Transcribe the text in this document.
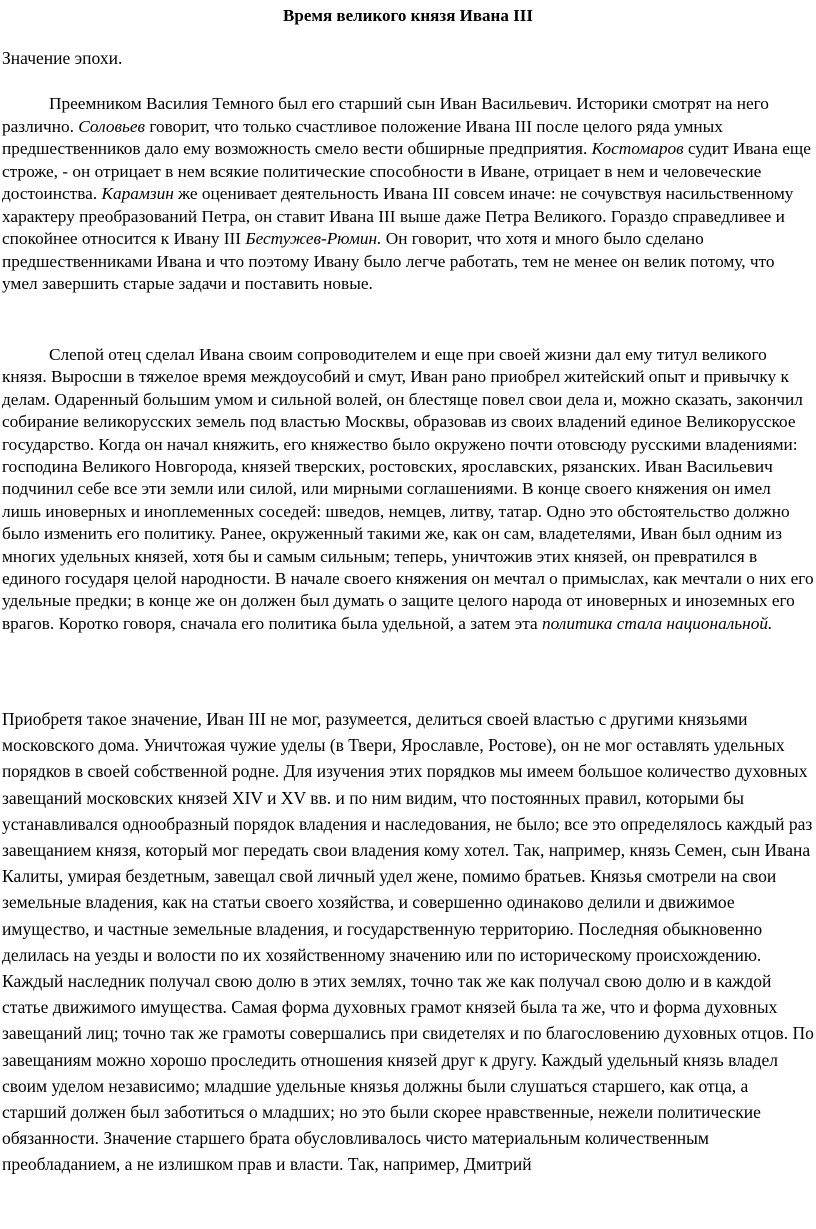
Время великого князя Ивана III
Значение эпохи.

Преемником Василия Темного был его старший сын Иван Васильевич. Историки смотрят на него различно. Соловьев говорит, что только счастливое положение Ивана III после целого ряда умных предшественников дало ему возможность смело вести обширные предприятия. Костомаров судит Ивана еще строже, - он отрицает в нем всякие политические способности в Иване, отрицает в нем и человеческие достоинства. Карамзин же оценивает деятельность Ивана III совсем иначе: не сочувствуя насильственному характеру преобразований Петра, он ставит Ивана III выше даже Петра Великого. Гораздо справедливее и спокойнее относится к Ивану III Бестужев-Рюмин. Он говорит, что хотя и много было сделано предшественниками Ивана и что поэтому Ивану было легче работать, тем не менее он велик потому, что умел завершить старые задачи и поставить новые.

Слепой отец сделал Ивана своим сопроводителем и еще при своей жизни дал ему титул великого князя. Выросши в тяжелое время междоусобий и смут, Иван рано приобрел житейский опыт и привычку к делам. Одаренный большим умом и сильной волей, он блестяще повел свои дела и, можно сказать, закончил собирание великорусских земель под властью Москвы, образовав из своих владений единое Великорусское государство. Когда он начал княжить, его княжество было окружено почти отовсюду русскими владениями: господина Великого Новгорода, князей тверских, ростовских, ярославских, рязанских. Иван Васильевич подчинил себе все эти земли или силой, или мирными соглашениями. В конце своего княжения он имел лишь иноверных и иноплеменных соседей: шведов, немцев, литву, татар. Одно это обстоятельство должно было изменить его политику. Ранее, окруженный такими же, как он сам, владетелями, Иван был одним из многих удельных князей, хотя бы и самым сильным; теперь, уничтожив этих князей, он превратился в единого государя целой народности. В начале своего княжения он мечтал о примыслах, как мечтали о них его удельные предки; в конце же он должен был думать о защите целого народа от иноверных и иноземных его врагов. Коротко говоря, сначала его политика была удельной, а затем эта политика стала национальной.

Приобретя такое значение, Иван III не мог, разумеется, делиться своей властью с другими князьями московского дома. Уничтожая чужие уделы (в Твери, Ярославле, Ростове), он не мог оставлять удельных порядков в своей собственной родне. Для изучения этих порядков мы имеем большое количество духовных завещаний московских князей XIV и XV вв. и по ним видим, что постоянных правил, которыми бы устанавливался однообразный порядок владения и наследования, не было; все это определялось каждый раз завещанием князя, который мог передать свои владения кому хотел. Так, например, князь Семен, сын Ивана Калиты, умирая бездетным, завещал свой личный удел жене, помимо братьев. Князья смотрели на свои земельные владения, как на статьи своего хозяйства, и совершенно одинаково делили и движимое имущество, и частные земельные владения, и государственную территорию. Последняя обыкновенно делилась на уезды и волости по их хозяйственному значению или по историческому происхождению. Каждый наследник получал свою долю в этих землях, точно так же как получал свою долю и в каждой статье движимого имущества. Самая форма духовных грамот князей была та же, что и форма духовных завещаний лиц; точно так же грамоты совершались при свидетелях и по благословению духовных отцов. По завещаниям можно хорошо проследить отношения князей друг к другу. Каждый удельный князь владел своим уделом независимо; младшие удельные князья должны были слушаться старшего, как отца, а старший должен был заботиться о младших; но это были скорее нравственные, нежели политические обязанности. Значение старшего брата обусловливалось чисто материальным количественным преобладанием, а не излишком прав и власти. Так, например, Дмитрий
